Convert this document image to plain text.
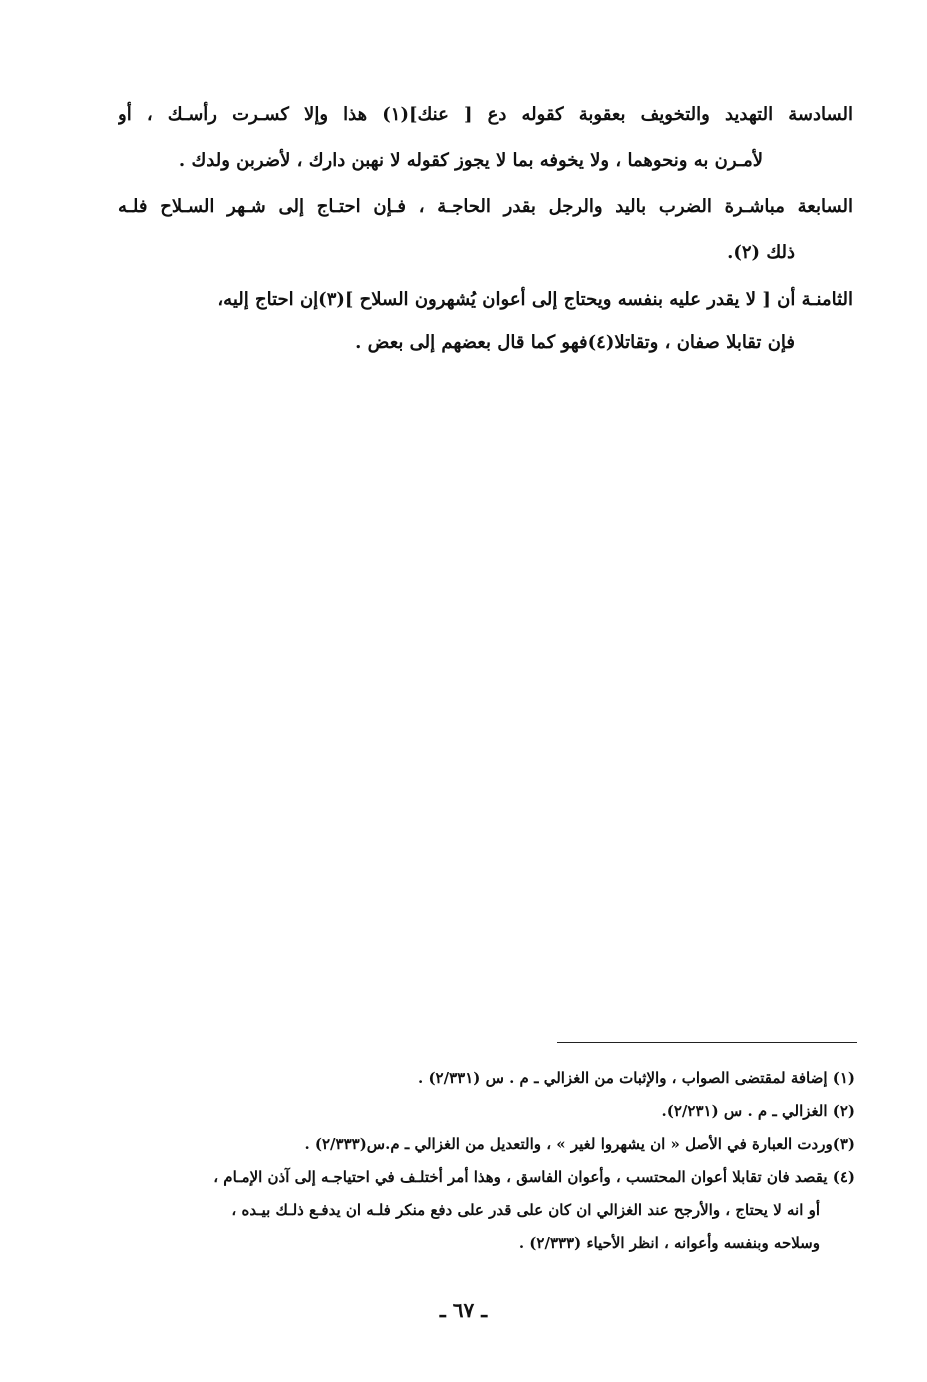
السادسة التهديد والتخويف بعقوبة كقوله دع [ عنك](١) هذا وإلا كسـرت رأسـك ، أو
لأمـرن به ونحوهما ، ولا يخوفه بما لا يجوز كقوله لا نهبن دارك ، لأضربن ولدك .
السابعة مباشـرة الضرب باليد والرجل بقدر الحاجـة ، فـإن احتـاج إلى شـهر السـلاح فلـه
ذلك (٢).
الثامنـة أن [ لا يقدر عليه بنفسه ويحتاج إلى أعوان يُشهرون السلاح ](٣)إن احتاج إليه،
فإن تقابلا صفان ، وتقاتلا(٤)فهو كما قال بعضهم إلى بعض .
(١) إضافة لمقتضى الصواب ، والإثبات من الغزالي ـ م . س (٢/٣٣١) .
(٢) الغزالي ـ م . س (٢/٢٣١).
(٣)وردت العبارة في الأصل « ان يشهروا لغير » ، والتعديل من الغزالي ـ م.س(٢/٣٣٣) .
(٤) يقصد فان تقابلا أعوان المحتسب ، وأعوان الفاسق ، وهذا أمر أختلـف في احتياجـه إلى آذن الإمـام ،
أو انه لا يحتاج ، والأرجح عند الغزالي ان كان على قدر على دفع منكر فلـه ان يدفـع ذلـك بيـده ،
وسلاحه وبنفسه وأعوانه ، انظر الأحياء (٢/٣٣٣) .
ـ ٦٧ ـ
